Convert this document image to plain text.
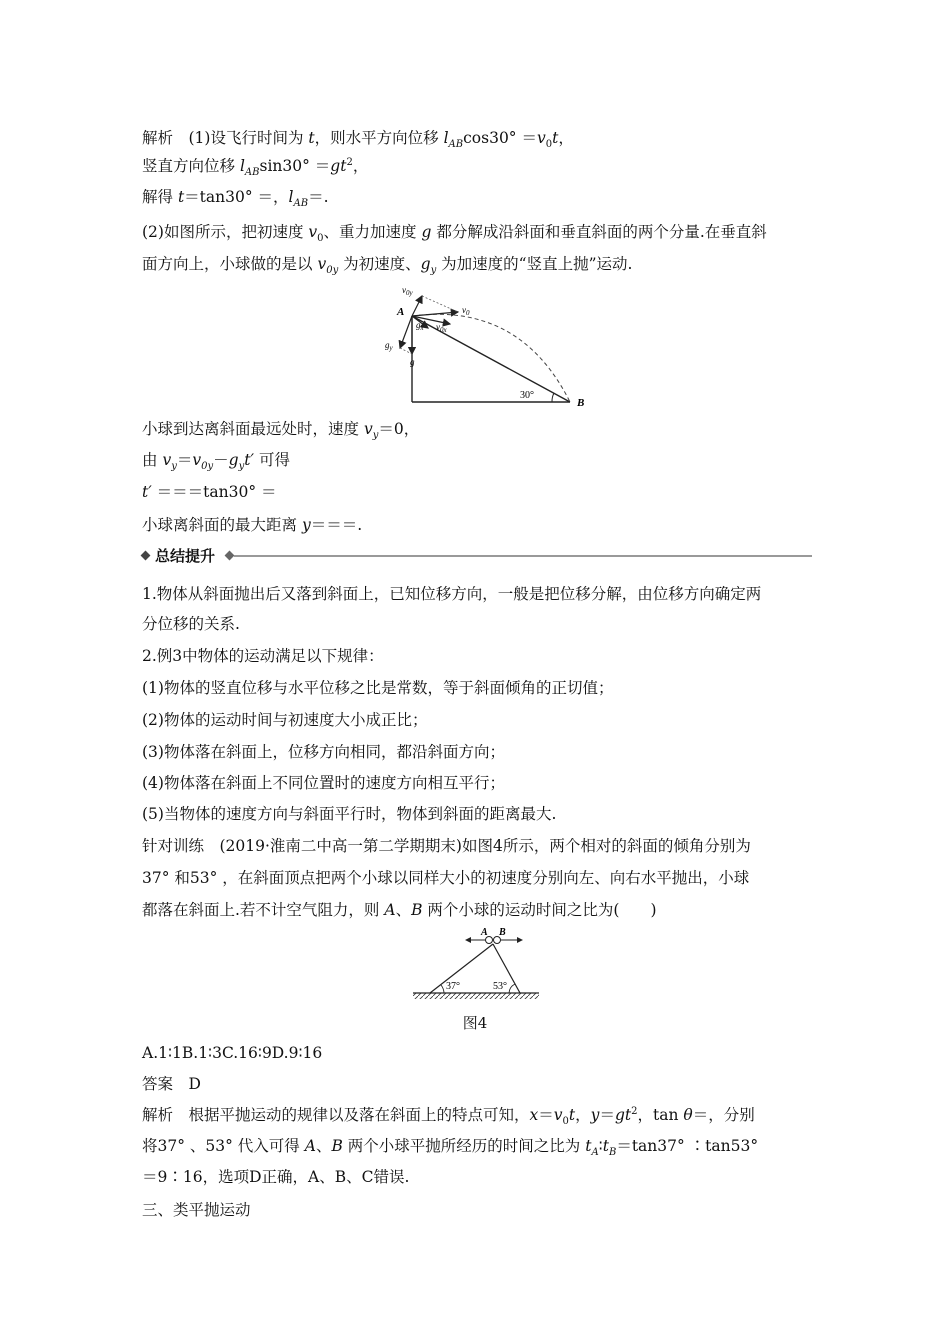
解析　(1)设飞行时间为 t，则水平方向位移 $l_{AB}\cos 30^\circ =v_0t$，
竖直方向位移 $l_{AB}\sin 30^\circ =gt^2$，
解得 t＝tan30° ＝，$l_{AB}=$.
(2)如图所示，把初速度 $v_0$、重力加速度 g 都分解成沿斜面和垂直斜面的两个分量.在垂直斜
面方向上，小球做的是以 $v_{0y}$ 为初速度、$g_y$ 为加速度的“竖直上抛”运动.
A
B
30°
$v_{0y}$
$v_0$
$v_{0x}$
$g_x$
$g_y$
g
小球到达离斜面最远处时，速度 $v_y=0$，
由 $v_y=v_{0y}-g_yt'$ 可得
t′ ＝＝＝tan30° ＝
小球离斜面的最大距离 y＝＝＝.
总结提升
1.物体从斜面抛出后又落到斜面上，已知位移方向，一般是把位移分解，由位移方向确定两
分位移的关系.
2.例3中物体的运动满足以下规律：
(1)物体的竖直位移与水平位移之比是常数，等于斜面倾角的正切值；
(2)物体的运动时间与初速度大小成正比；
(3)物体落在斜面上，位移方向相同，都沿斜面方向；
(4)物体落在斜面上不同位置时的速度方向相互平行；
(5)当物体的速度方向与斜面平行时，物体到斜面的距离最大.
针对训练　(2019·淮南二中高一第二学期期末)如图4所示，两个相对的斜面的倾角分别为
37° 和53° ，在斜面顶点把两个小球以同样大小的初速度分别向左、向右水平抛出，小球
都落在斜面上.若不计空气阻力，则 A、B 两个小球的运动时间之比为(　　)
A B
37°	53°
图4
A.1∶1B.1∶3C.16∶9D.9∶16
答案　D
解析　根据平抛运动的规律以及落在斜面上的特点可知，$x=v_0t$，$y=gt^2$，tan θ＝，分别
将37° 、53° 代入可得 A、B 两个小球平抛所经历的时间之比为 $t_A∶t_B=\tan 37^\circ$ ∶tan53°
＝9∶16，选项D正确，A、B、C错误.
三、类平抛运动
